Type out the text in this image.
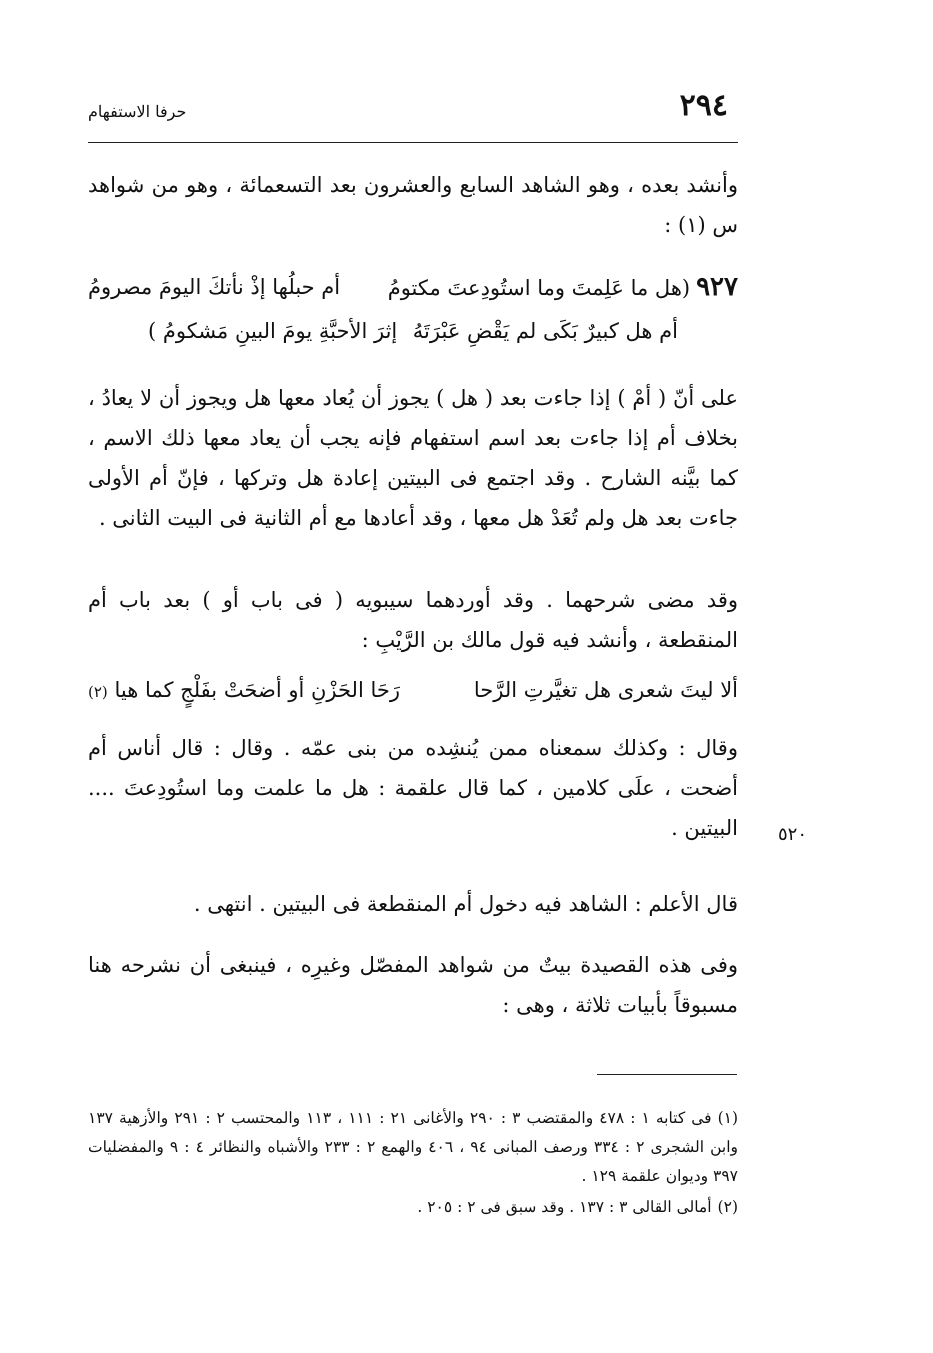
٢٩٤
حرفا الاستفهام
وأنشد بعده ، وهو الشاهد السابع والعشرون بعد التسعمائة ، وهو من شواهد س (١) :
٩٢٧(هل ما عَلِمتَ وما استُودِعتَ مكتومُ
أم حبلُها إذْ نأتكَ اليومَ مصرومُ
أم هل كبيرٌ بَكَى لم يَقْضِ عَبْرَتَهُ
إثرَ الأحبَّةِ يومَ البينِ مَشكومُ )
على أنّ ( أمْ ) إذا جاءت بعد ( هل ) يجوز أن يُعاد معها هل ويجوز أن لا يعادُ ، بخلاف أم إذا جاءت بعد اسم استفهام فإنه يجب أن يعاد معها ذلك الاسم ، كما بيَّنه الشارح . وقد اجتمع فى البيتين إعادة هل وتركها ، فإنّ أم الأولى جاءت بعد هل ولم تُعَدْ هل معها ، وقد أعادها مع أم الثانية فى البيت الثانى .
وقد مضى شرحهما . وقد أوردهما سيبويه ( فى باب أو ) بعد باب أم المنقطعة ، وأنشد فيه قول مالك بن الرَّيْبِ :
ألا ليتَ شعرى هل تغيَّرتِ الرَّحا
رَحَا الحَزْنِ أو أضحَتْ بفَلْجٍ كما هيا (٢)
وقال : وكذلك سمعناه ممن يُنشِده من بنى عمّه . وقال : قال أناس أم أضحت ، علَى كلامين ، كما قال علقمة : هل ما علمت وما استُودِعتَ .... البيتين . ٥٢٠
قال الأعلم : الشاهد فيه دخول أم المنقطعة فى البيتين . انتهى .
وفى هذه القصيدة بيتٌ من شواهد المفصّل وغيرِه ، فينبغى أن نشرحه هنا مسبوقاً بأبيات ثلاثة ، وهى :

(١)فى كتابه ١ : ٤٧٨ والمقتضب ٣ : ٢٩٠ والأغانى ٢١ : ١١١ ، ١١٣ والمحتسب ٢ : ٢٩١ والأزهية ١٣٧ وابن الشجرى ٢ : ٣٣٤ ورصف المبانى ٩٤ ، ٤٠٦ والهمع ٢ : ٢٣٣ والأشباه والنظائر ٤ : ٩ والمفضليات ٣٩٧ وديوان علقمة ١٢٩ .

(٢)أمالى القالى ٣ : ١٣٧ . وقد سبق فى ٢ : ٢٠٥ .
